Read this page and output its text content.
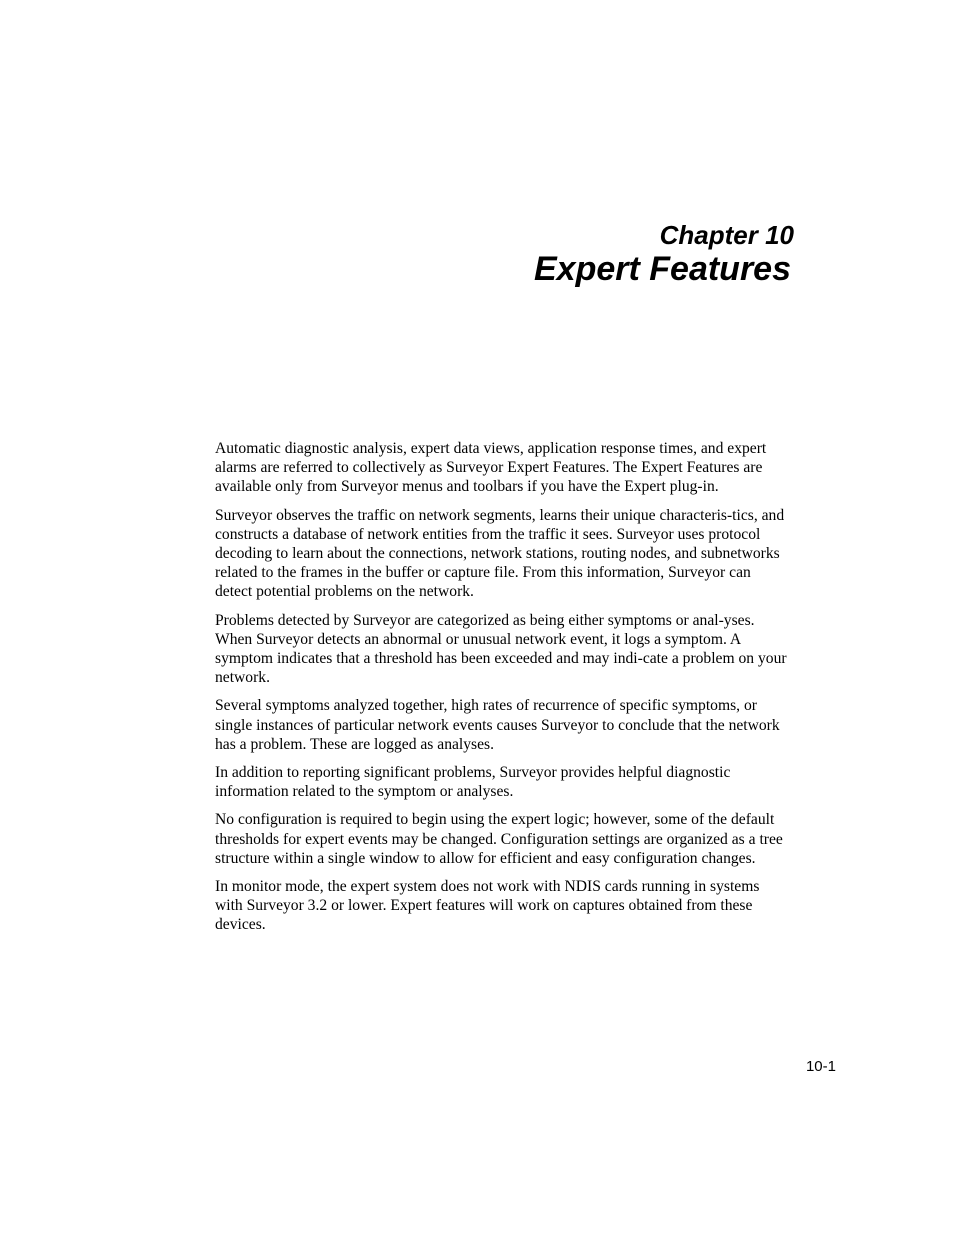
Chapter 10
Expert Features

Automatic diagnostic analysis, expert data views, application response times, and expert alarms are referred to collectively as Surveyor Expert Features. The Expert Features are available only from Surveyor menus and toolbars if you have the Expert plug-in.

Surveyor observes the traffic on network segments, learns their unique characteris-tics, and constructs a database of network entities from the traffic it sees. Surveyor uses protocol decoding to learn about the connections, network stations, routing nodes, and subnetworks related to the frames in the buffer or capture file. From this information, Surveyor can detect potential problems on the network.

Problems detected by Surveyor are categorized as being either symptoms or anal-yses. When Surveyor detects an abnormal or unusual network event, it logs a symptom. A symptom indicates that a threshold has been exceeded and may indi-cate a problem on your network.

Several symptoms analyzed together, high rates of recurrence of specific symptoms, or single instances of particular network events causes Surveyor to conclude that the network has a problem. These are logged as analyses.

In addition to reporting significant problems, Surveyor provides helpful diagnostic information related to the symptom or analyses.

No configuration is required to begin using the expert logic; however, some of the default thresholds for expert events may be changed. Configuration settings are organized as a tree structure within a single window to allow for efficient and easy configuration changes.

In monitor mode, the expert system does not work with NDIS cards running in systems with Surveyor 3.2 or lower. Expert features will work on captures obtained from these devices.

10-1
